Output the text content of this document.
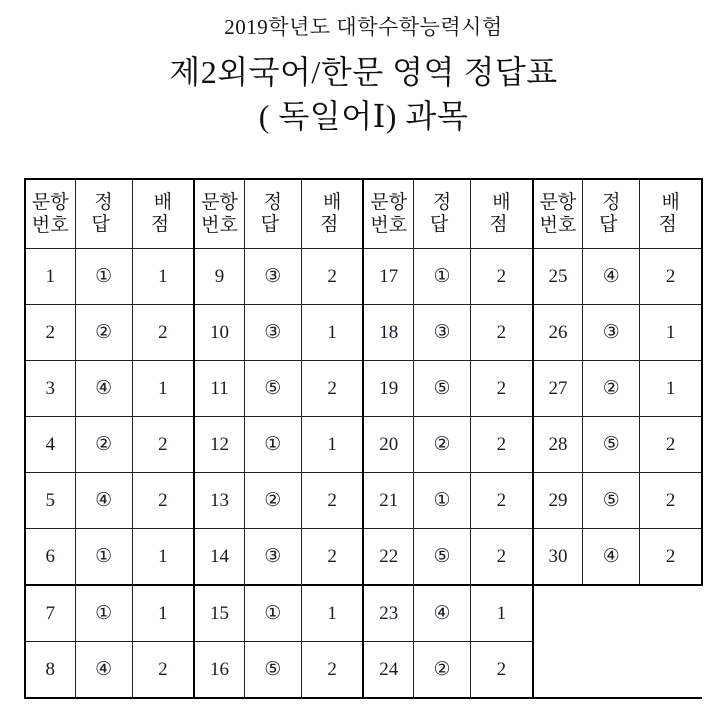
2019학년도 대학수학능력시험
제2외국어/한문 영역 정답표
( 독일어Ⅰ) 과목
문항
번호	정 답	배 점	문항
번호	정 답	배 점	문항
번호	정 답	배 점	문항
번호	정 답	배 점
1	①	1	9	③	2	17	①	2	25	④	2
2	②	2	10	③	1	18	③	2	26	③	1
3	④	1	11	⑤	2	19	⑤	2	27	②	1
4	②	2	12	①	1	20	②	2	28	⑤	2
5	④	2	13	②	2	21	①	2	29	⑤	2
6	①	1	14	③	2	22	⑤	2	30	④	2
7	①	1	15	①	1	23	④	1			
8	④	2	16	⑤	2	24	②	2			
